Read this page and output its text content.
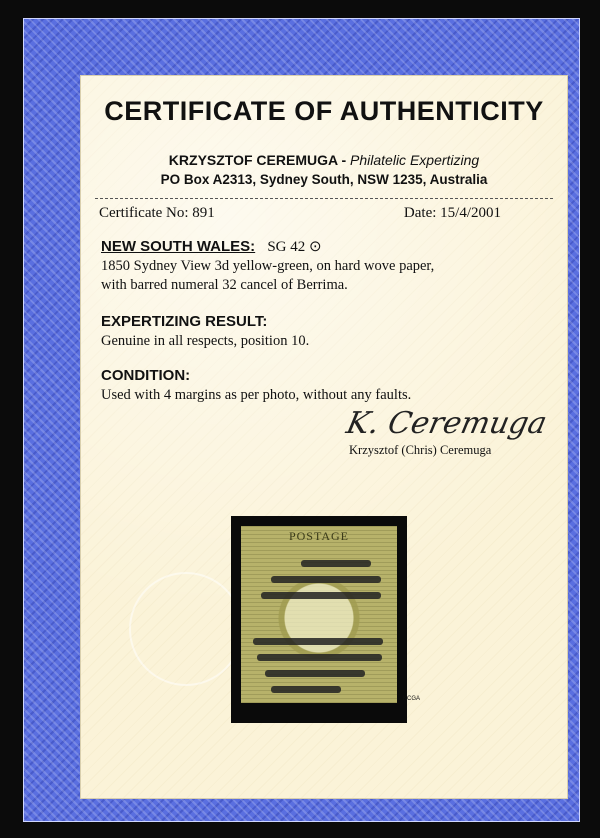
CERTIFICATE OF AUTHENTICITY
KRZYSZTOF CEREMUGA - Philatelic Expertizing
PO Box A2313, Sydney South, NSW 1235, Australia
Certificate No: 891	Date: 15/4/2001
NEW SOUTH WALES: SG 42 ⊙
1850 Sydney View 3d yellow-green, on hard wove paper,
with barred numeral 32 cancel of Berrima.
EXPERTIZING RESULT:
Genuine in all respects, position 10.
CONDITION:
Used with 4 margins as per photo, without any faults.
K. Ceremuga
Krzysztof (Chris) Ceremuga
POSTAGE
KCGA
